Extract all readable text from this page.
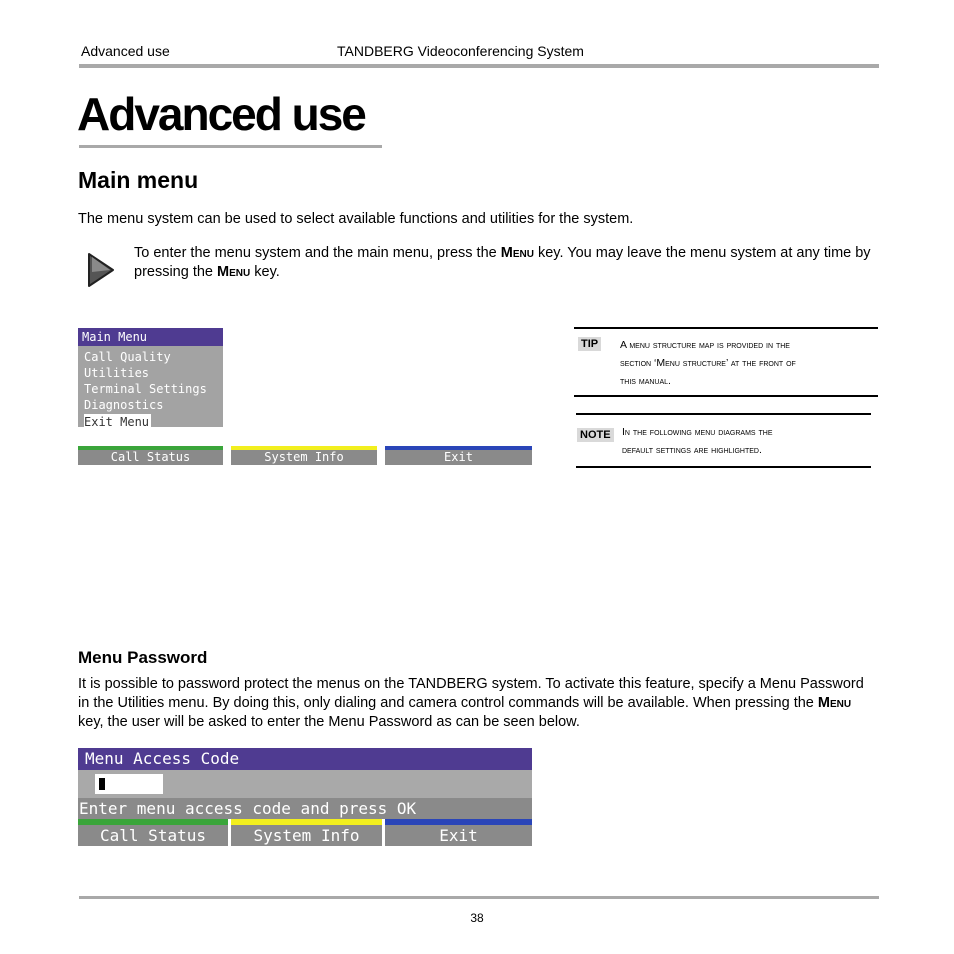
Advanced use	TANDBERG Videoconferencing System
Advanced use
Main menu
The menu system can be used to select available functions and utilities for the system.
To enter the menu system and the main menu, press the Menu key. You may leave the menu system at any time by pressing the Menu key.
Main Menu
Call Quality
Utilities
Terminal Settings
Diagnostics
Exit Menu
Call Status	System Info	Exit
TIP A menu structure map is provided in the
section ‘Menu structure’ at the front of
this manual.
NOTE In the following menu diagrams the
default settings are highlighted.
Menu Password
It is possible to password protect the menus on the TANDBERG system. To activate this feature, specify a Menu Password in the Utilities menu. By doing this, only dialing and camera control commands will be available. When pressing the Menu key, the user will be asked to enter the Menu Password as can be seen below.
Menu Access Code
Enter menu access code and press OK
Call Status	System Info	Exit
38
